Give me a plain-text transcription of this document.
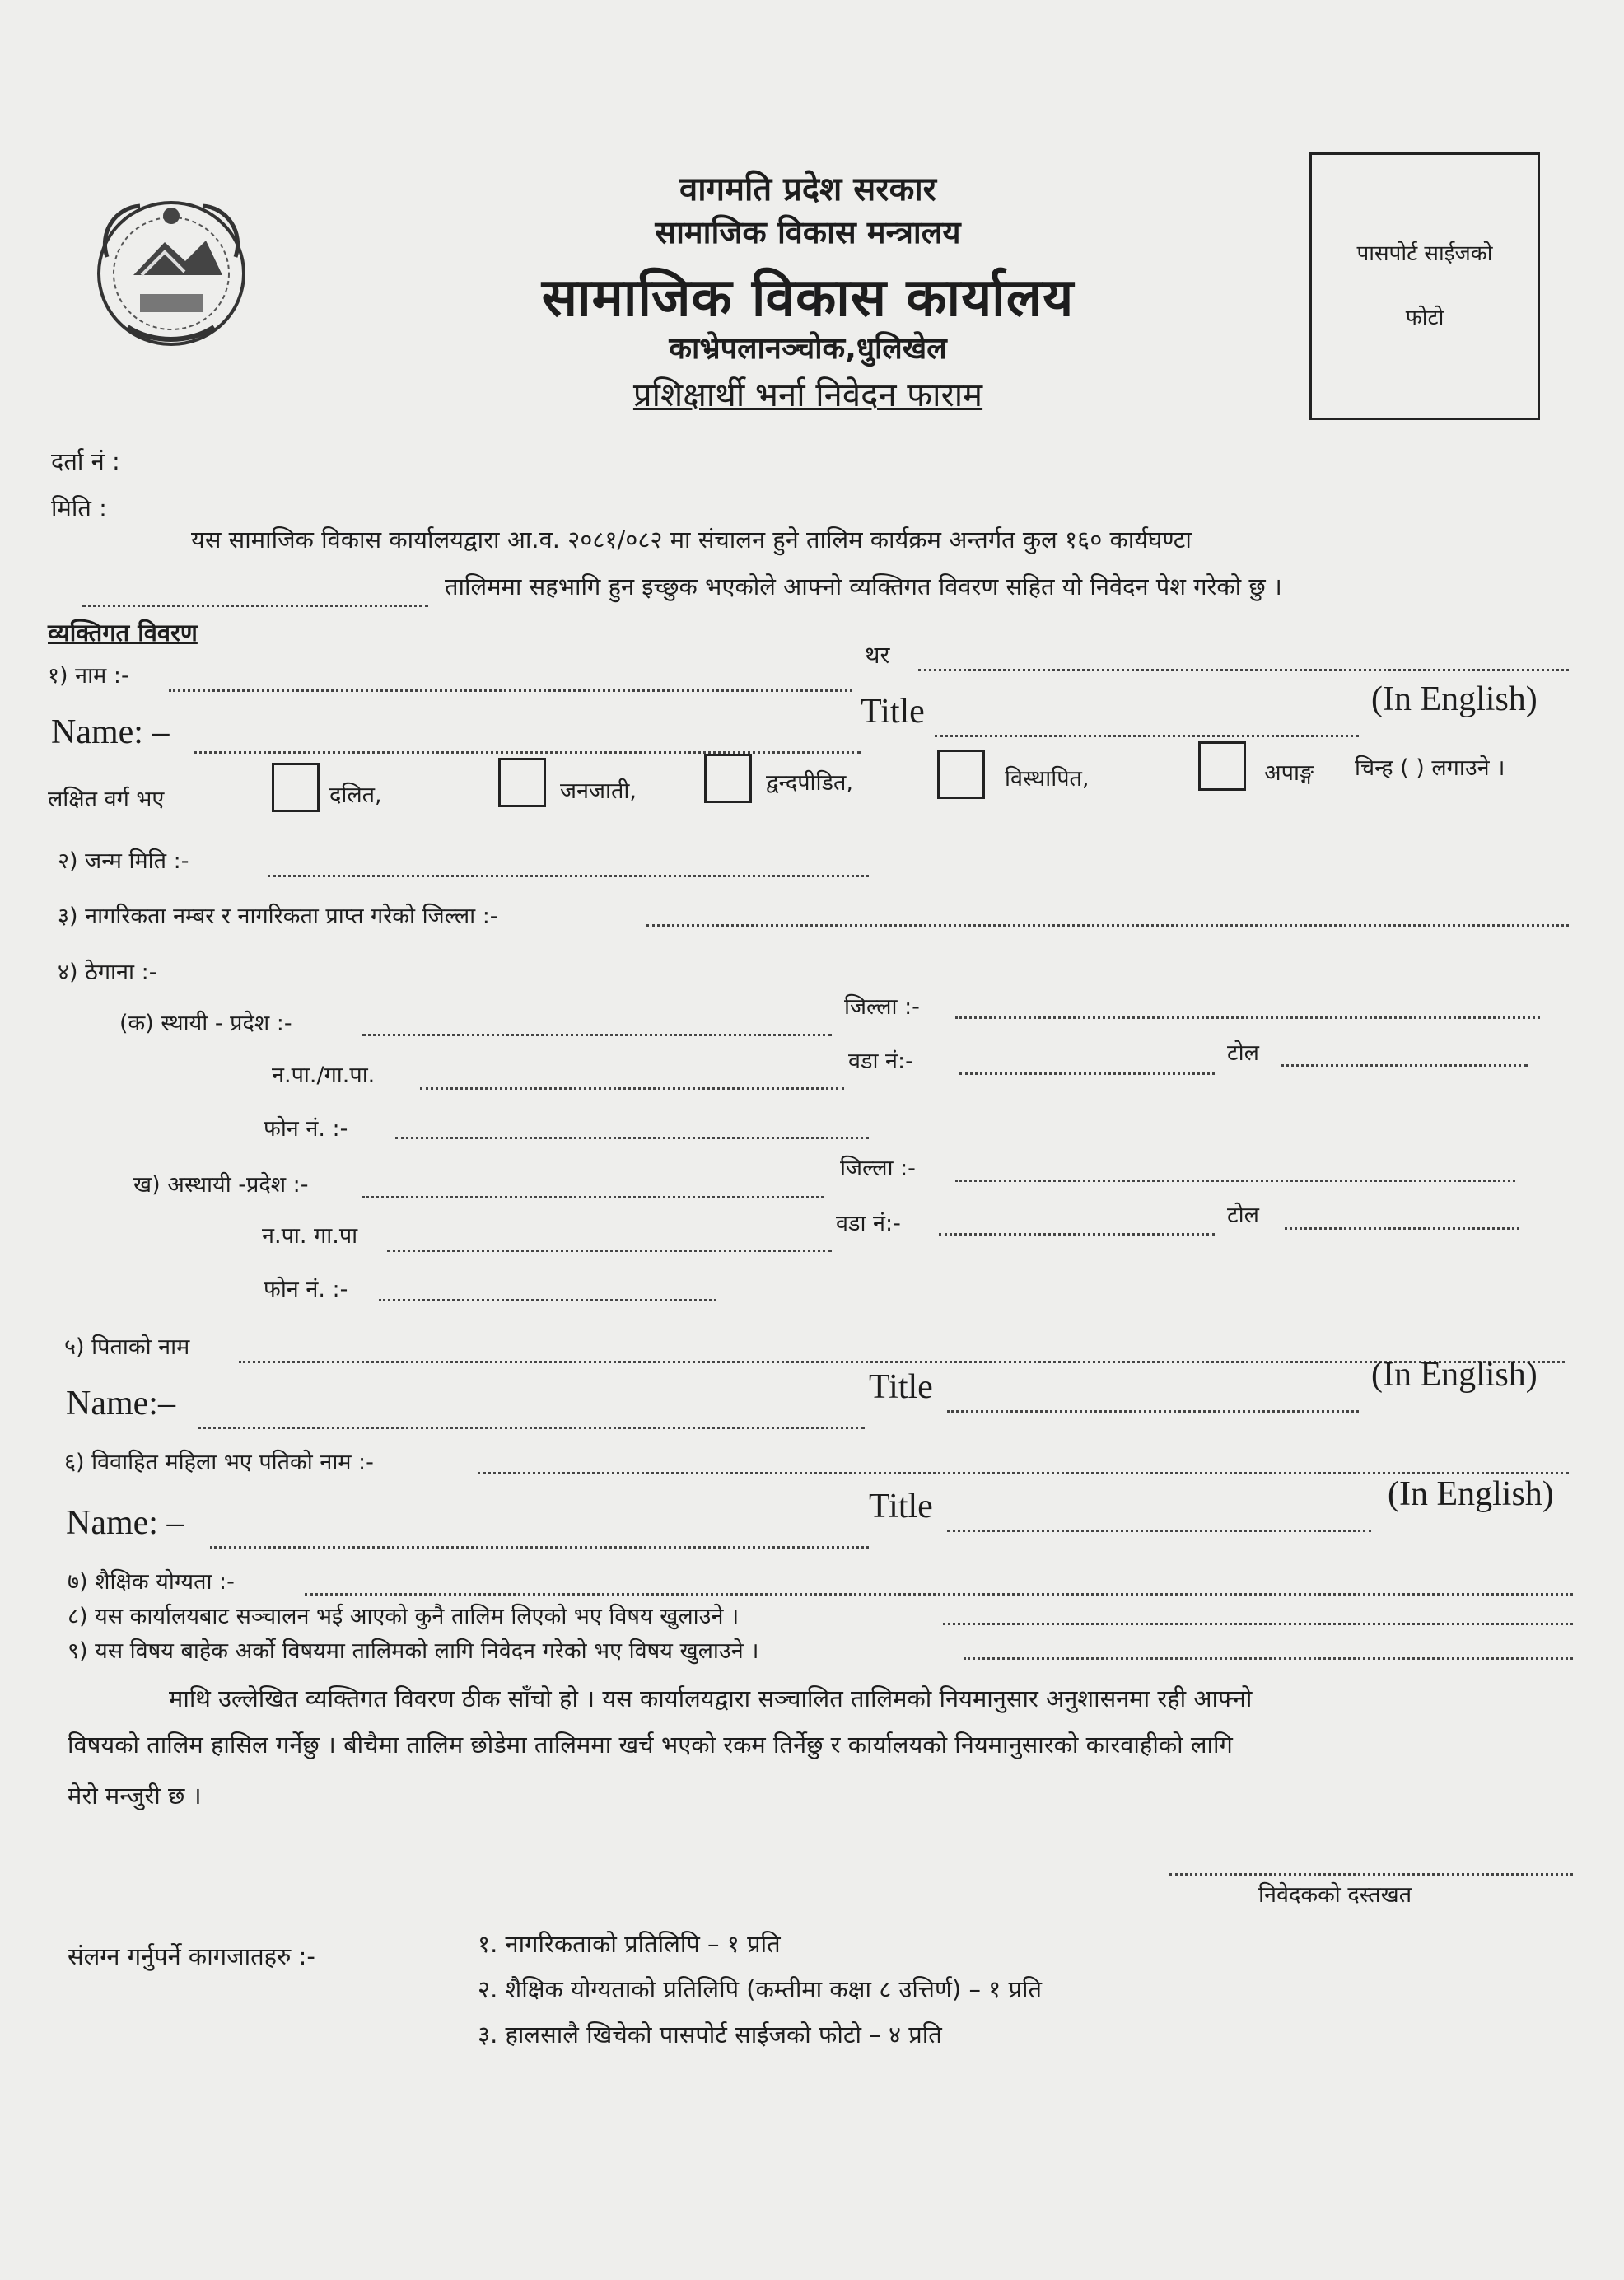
वागमति प्रदेश सरकार
सामाजिक विकास मन्त्रालय
सामाजिक विकास कार्यालय
काभ्रेपलानञ्चोक,धुलिखेल
प्रशिक्षार्थी भर्ना निवेदन फाराम
पासपोर्ट साईजको
फोटो
दर्ता नं :
मिति :
यस सामाजिक विकास कार्यालयद्वारा आ.व. २०८१/०८२ मा संचालन हुने तालिम कार्यक्रम अन्तर्गत कुल १६० कार्यघण्टा
तालिममा सहभागि हुन इच्छुक भएकोले आफ्नो व्यक्तिगत विवरण सहित यो निवेदन पेश गरेको छु ।
व्यक्तिगत विवरण
१) नाम :-
थर
Name: –
Title	(In English)
लक्षित वर्ग भए	दलित,	जनजाती,	द्वन्दपीडित,	विस्थापित,	अपाङ्ग चिन्ह ( ) लगाउने ।
२) जन्म मिति :-
३) नागरिकता नम्बर र नागरिकता प्राप्त गरेको जिल्ला :-
४) ठेगाना :-
(क) स्थायी - प्रदेश :-
जिल्ला :-
न.पा./गा.पा.
वडा नं:-	टोल
फोन नं. :-
ख) अस्थायी -प्रदेश :-
जिल्ला :-
न.पा. गा.पा	वडा नं:-	टोल
फोन नं. :-
५) पिताको नाम
Name:–	Title	(In English)
६) विवाहित महिला भए पतिको नाम :-
Name: –	Title	(In English)
७) शैक्षिक योग्यता :-
८) यस कार्यालयबाट सञ्चालन भई आएको कुनै तालिम लिएको भए विषय खुलाउने ।
९) यस विषय बाहेक अर्को विषयमा तालिमको लागि निवेदन गरेको भए विषय खुलाउने ।
माथि उल्लेखित व्यक्तिगत विवरण ठीक साँचो हो । यस कार्यालयद्वारा सञ्चालित तालिमको नियमानुसार अनुशासनमा रही आफ्नो
विषयको तालिम हासिल गर्नेछु । बीचैमा तालिम छोडेमा तालिममा खर्च भएको रकम तिर्नेछु र कार्यालयको नियमानुसारको कारवाहीको लागि
मेरो मन्जुरी छ ।
निवेदकको दस्तखत
संलग्न गर्नुपर्ने कागजातहरु :-	१. नागरिकताको प्रतिलिपि – १ प्रति
२. शैक्षिक योग्यताको प्रतिलिपि (कम्तीमा कक्षा ८ उत्तिर्ण) – १ प्रति
३. हालसालै खिचेको पासपोर्ट साईजको फोटो – ४ प्रति
